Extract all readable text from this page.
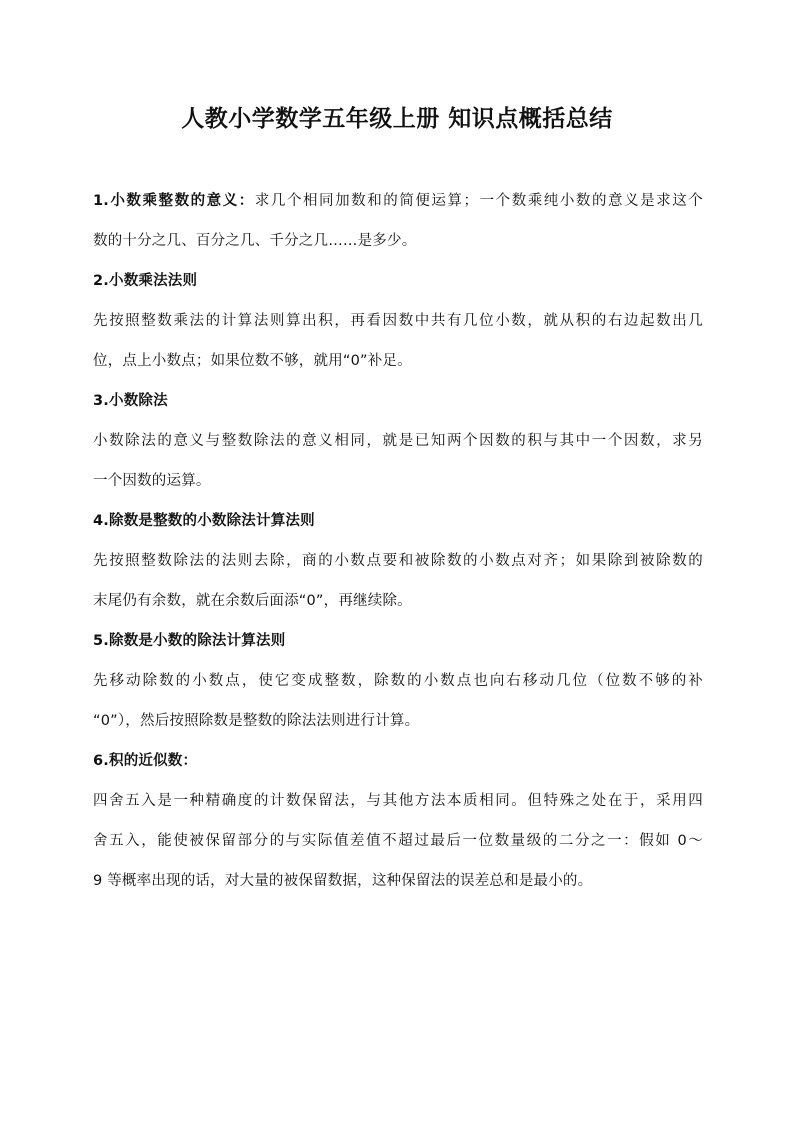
人教小学数学五年级上册 知识点概括总结
1.小数乘整数的意义：求几个相同加数和的简便运算；一个数乘纯小数的意义是求这个
数的十分之几、百分之几、千分之几……是多少。
2.小数乘法法则
先按照整数乘法的计算法则算出积，再看因数中共有几位小数，就从积的右边起数出几
位，点上小数点；如果位数不够，就用“0”补足。
3.小数除法
小数除法的意义与整数除法的意义相同，就是已知两个因数的积与其中一个因数，求另
一个因数的运算。
4.除数是整数的小数除法计算法则
先按照整数除法的法则去除，商的小数点要和被除数的小数点对齐；如果除到被除数的
末尾仍有余数，就在余数后面添“0”，再继续除。
5.除数是小数的除法计算法则
先移动除数的小数点，使它变成整数，除数的小数点也向右移动几位（位数不够的补
“0”），然后按照除数是整数的除法法则进行计算。
6.积的近似数：
四舍五入是一种精确度的计数保留法，与其他方法本质相同。但特殊之处在于，采用四
舍五入，能使被保留部分的与实际值差值不超过最后一位数量级的二分之一：假如 0～
9 等概率出现的话，对大量的被保留数据，这种保留法的误差总和是最小的。
